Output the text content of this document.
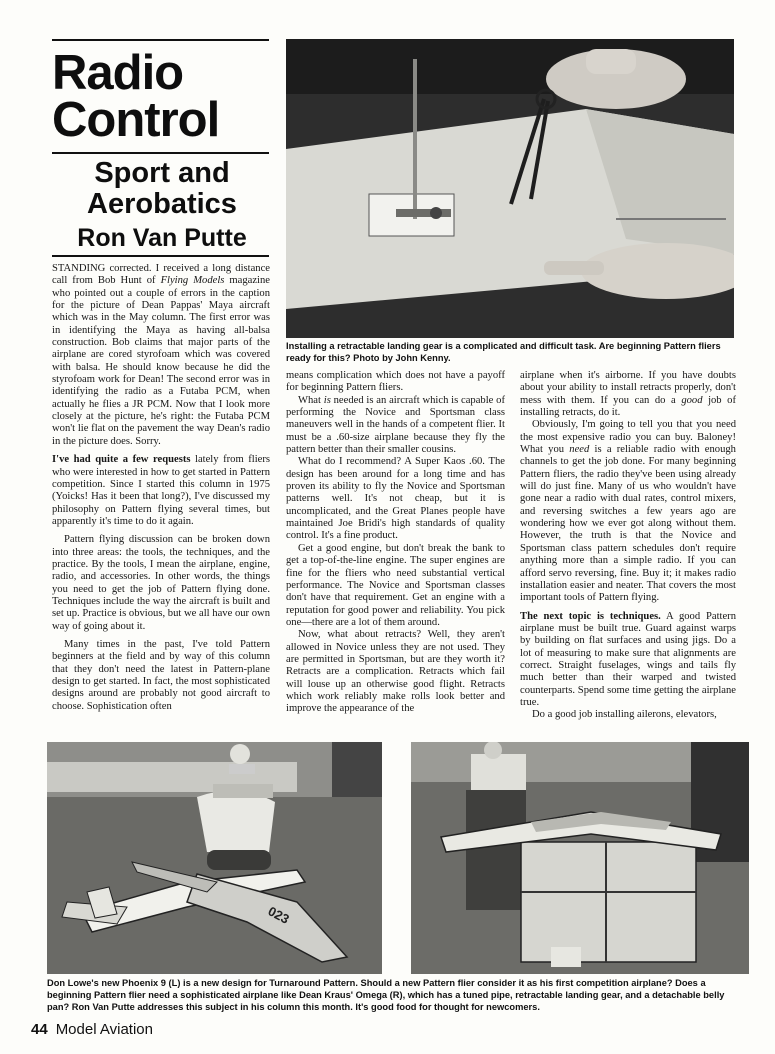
Radio
Control
Sport and
Aerobatics
Ron Van Putte
Installing a retractable landing gear is a complicated and difficult task. Are beginning Pattern fliers ready for this? Photo by John Kenny.

STANDING corrected. I received a long distance call from Bob Hunt of Flying Models magazine who pointed out a couple of errors in the caption for the picture of Dean Pappas' Maya aircraft which was in the May column. The first error was in identifying the Maya as having all-balsa construction. Bob claims that major parts of the airplane are cored styrofoam which was covered with balsa. He should know because he did the styrofoam work for Dean! The second error was in identifying the radio as a Futaba PCM, when actually he flies a JR PCM. Now that I look more closely at the picture, he's right: the Futaba PCM won't lie flat on the pavement the way Dean's radio in the picture does. Sorry.

I've had quite a few requests lately from fliers who were interested in how to get started in Pattern competition. Since I started this column in 1975 (Yoicks! Has it been that long?), I've discussed my philosophy on Pattern flying several times, but apparently it's time to do it again.

Pattern flying discussion can be broken down into three areas: the tools, the techniques, and the practice. By the tools, I mean the airplane, engine, radio, and accessories. In other words, the things you need to get the job of Pattern flying done. Techniques include the way the aircraft is built and set up. Practice is obvious, but we all have our own way of going about it.

Many times in the past, I've told Pattern beginners at the field and by way of this column that they don't need the latest in Pattern-plane design to get started. In fact, the most sophisticated designs around are probably not good aircraft to choose. Sophistication often

means complication which does not have a payoff for beginning Pattern fliers.

What is needed is an aircraft which is capable of performing the Novice and Sportsman class maneuvers well in the hands of a competent flier. It must be a .60-size airplane because they fly the pattern better than their smaller cousins.

What do I recommend? A Super Kaos .60. The design has been around for a long time and has proven its ability to fly the Novice and Sportsman patterns well. It's not cheap, but it is uncomplicated, and the Great Planes people have maintained Joe Bridi's high standards of quality control. It's a fine product.

Get a good engine, but don't break the bank to get a top-of-the-line engine. The super engines are fine for the fliers who need substantial vertical performance. The Novice and Sportsman classes don't have that requirement. Get an engine with a reputation for good power and reliability. You pick one—there are a lot of them around.

Now, what about retracts? Well, they aren't allowed in Novice unless they are not used. They are permitted in Sportsman, but are they worth it? Retracts are a complication. Retracts which fail will louse up an otherwise good flight. Retracts which work reliably make rolls look better and improve the appearance of the

airplane when it's airborne. If you have doubts about your ability to install retracts properly, don't mess with them. If you can do a good job of installing retracts, do it.

Obviously, I'm going to tell you that you need the most expensive radio you can buy. Baloney! What you need is a reliable radio with enough channels to get the job done. For many beginning Pattern fliers, the radio they've been using already will do just fine. Many of us who wouldn't have gone near a radio with dual rates, control mixers, and reversing switches a few years ago are wondering how we ever got along without them. However, the truth is that the Novice and Sportsman class pattern schedules don't require anything more than a simple radio. If you can afford servo reversing, fine. Buy it; it makes radio installation easier and neater. That covers the most important tools of Pattern flying.

The next topic is techniques. A good Pattern airplane must be built true. Guard against warps by building on flat surfaces and using jigs. Do a lot of measuring to make sure that alignments are correct. Straight fuselages, wings and tails fly much better than their warped and twisted counterparts. Spend some time getting the airplane true.

Do a good job installing ailerons, elevators,

023
Don Lowe's new Phoenix 9 (L) is a new design for Turnaround Pattern. Should a new Pattern flier consider it as his first competition airplane? Does a beginning Pattern flier need a sophisticated airplane like Dean Kraus' Omega (R), which has a tuned pipe, retractable landing gear, and a detachable belly pan? Ron Van Putte addresses this subject in his column this month. It's good food for thought for newcomers.
44 Model Aviation
